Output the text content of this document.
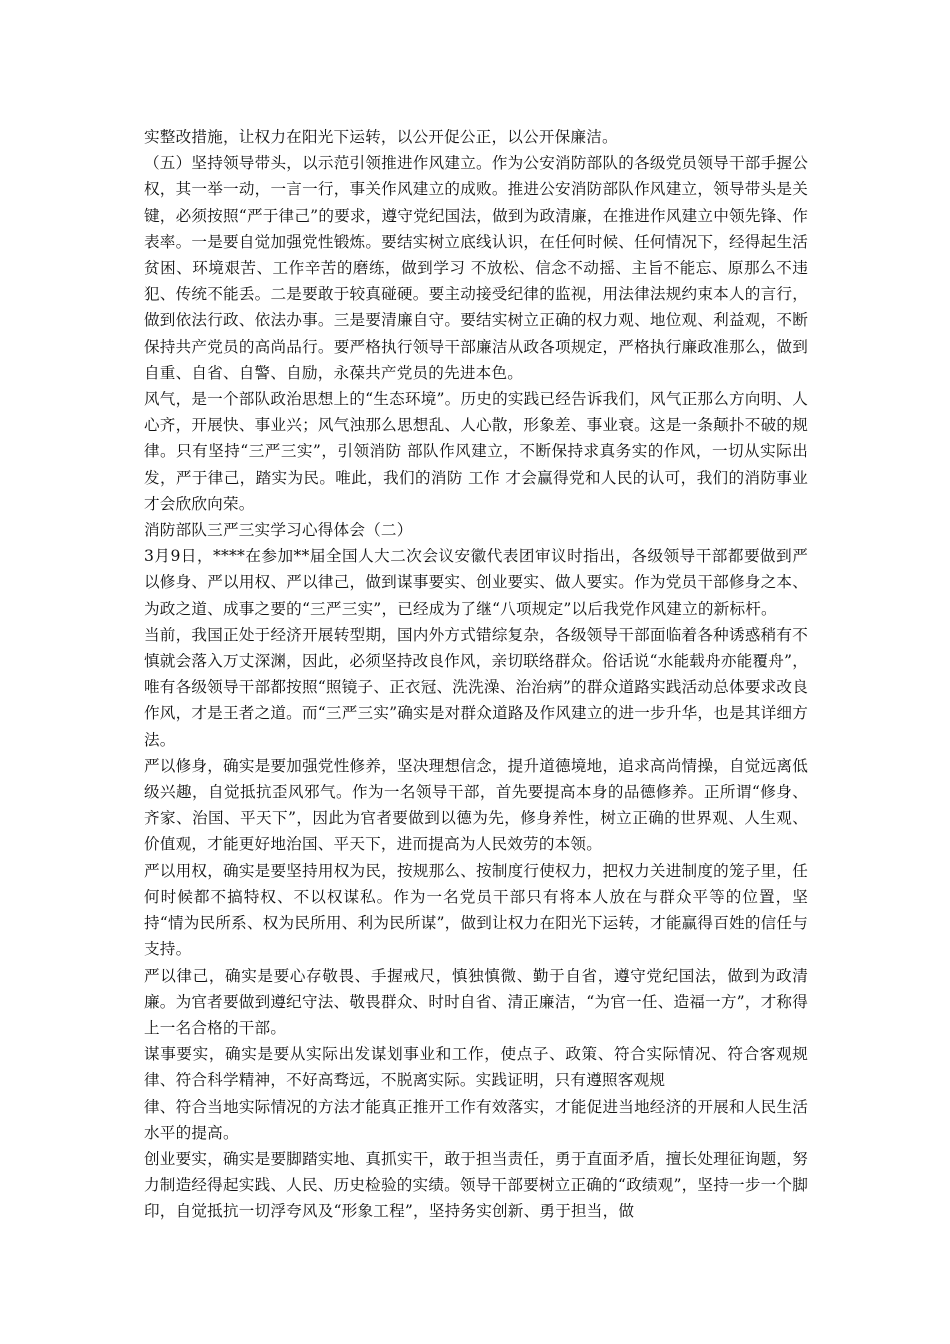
实整改措施，让权力在阳光下运转，以公开促公正，以公开保廉洁。

（五）坚持领导带头，以示范引领推进作风建立。作为公安消防部队的各级党员领导干部手握公权，其一举一动，一言一行，事关作风建立的成败。推进公安消防部队作风建立，领导带头是关键，必须按照“严于律己”的要求，遵守党纪国法，做到为政清廉，在推进作风建立中领先锋、作表率。一是要自觉加强党性锻炼。要结实树立底线认识，在任何时候、任何情况下，经得起生活贫困、环境艰苦、工作辛苦的磨练，做到学习 不放松、信念不动摇、主旨不能忘、原那么不违犯、传统不能丢。二是要敢于较真碰硬。要主动接受纪律的监视，用法律法规约束本人的言行，做到依法行政、依法办事。三是要清廉自守。要结实树立正确的权力观、地位观、利益观，不断保持共产党员的高尚品行。要严格执行领导干部廉洁从政各项规定，严格执行廉政准那么，做到自重、自省、自警、自励，永葆共产党员的先进本色。

风气，是一个部队政治思想上的“生态环境”。历史的实践已经告诉我们，风气正那么方向明、人心齐，开展快、事业兴；风气浊那么思想乱、人心散，形象差、事业衰。这是一条颠扑不破的规律。只有坚持“三严三实”，引领消防 部队作风建立，不断保持求真务实的作风，一切从实际出发，严于律己，踏实为民。唯此，我们的消防 工作 才会赢得党和人民的认可，我们的消防事业才会欣欣向荣。

消防部队三严三实学习心得体会（二）

3月9日，****在参加**届全国人大二次会议安徽代表团审议时指出，各级领导干部都要做到严以修身、严以用权、严以律己，做到谋事要实、创业要实、做人要实。作为党员干部修身之本、为政之道、成事之要的“三严三实”，已经成为了继“八项规定”以后我党作风建立的新标杆。

当前，我国正处于经济开展转型期，国内外方式错综复杂，各级领导干部面临着各种诱惑稍有不慎就会落入万丈深渊，因此，必须坚持改良作风，亲切联络群众。俗话说“水能载舟亦能覆舟”，唯有各级领导干部都按照“照镜子、正衣冠、洗洗澡、治治病”的群众道路实践活动总体要求改良作风，才是王者之道。而“三严三实”确实是对群众道路及作风建立的进一步升华，也是其详细方法。

严以修身，确实是要加强党性修养，坚决理想信念，提升道德境地，追求高尚情操，自觉远离低级兴趣，自觉抵抗歪风邪气。作为一名领导干部，首先要提高本身的品德修养。正所谓“修身、齐家、治国、平天下”，因此为官者要做到以德为先，修身养性，树立正确的世界观、人生观、价值观，才能更好地治国、平天下，进而提高为人民效劳的本领。

严以用权，确实是要坚持用权为民，按规那么、按制度行使权力，把权力关进制度的笼子里，任何时候都不搞特权、不以权谋私。作为一名党员干部只有将本人放在与群众平等的位置，坚持“情为民所系、权为民所用、利为民所谋”，做到让权力在阳光下运转，才能赢得百姓的信任与支持。

严以律己，确实是要心存敬畏、手握戒尺，慎独慎微、勤于自省，遵守党纪国法，做到为政清廉。为官者要做到遵纪守法、敬畏群众、时时自省、清正廉洁，“为官一任、造福一方”，才称得上一名合格的干部。

谋事要实，确实是要从实际出发谋划事业和工作，使点子、政策、符合实际情况、符合客观规律、符合科学精神，不好高骛远，不脱离实际。实践证明，只有遵照客观规

律、符合当地实际情况的方法才能真正推开工作有效落实，才能促进当地经济的开展和人民生活水平的提高。

创业要实，确实是要脚踏实地、真抓实干，敢于担当责任，勇于直面矛盾，擅长处理征询题，努力制造经得起实践、人民、历史检验的实绩。领导干部要树立正确的“政绩观”，坚持一步一个脚印，自觉抵抗一切浮夸风及“形象工程”，坚持务实创新、勇于担当，做
